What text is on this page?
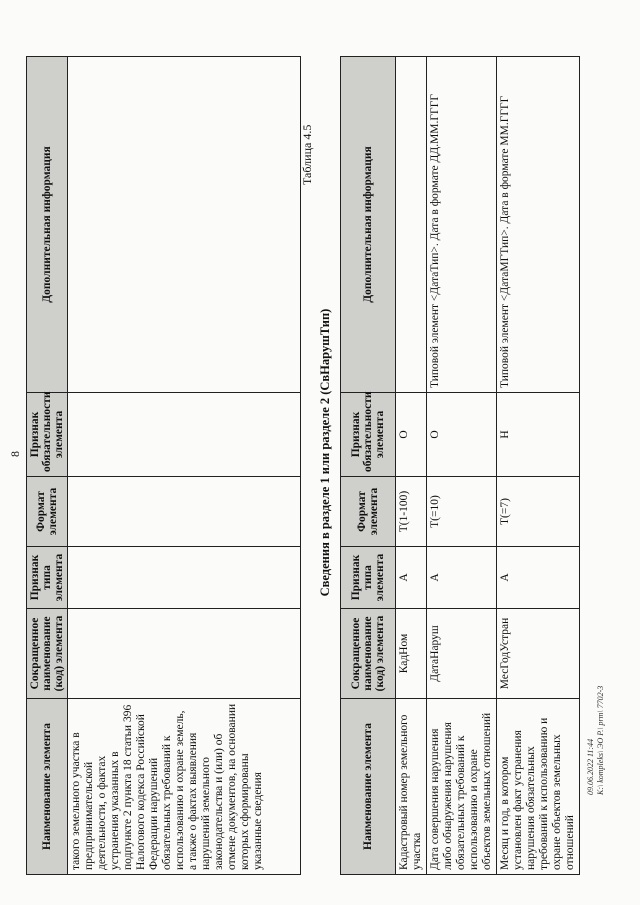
8
Наименование элемента	Сокращенное наименование (код) элемента	Признак типа элемента	Формат элемента	Признак обязательности элемента	Дополнительная информация
такого земельного участка в предпринимательской деятельности, о фактах устранения указанных в подпункте 2 пункта 18 статьи 396 Налогового кодекса Российской Федерации нарушений обязательных требований к использованию и охране земель, а также о фактах выявления нарушений земельного законодательства и (или) об отмене документов, на основании которых сформированы указанные сведения					
Таблица 4.5
Сведения в разделе 1 или разделе 2 (СвНарушТип)
Наименование элемента	Сокращенное наименование (код) элемента	Признак типа элемента	Формат элемента	Признак обязательности элемента	Дополнительная информация
Кадастровый номер земельного участка	КадНом	А	T(1-100)	О	
Дата совершения нарушения либо обнаружения нарушения обязательных требований к использованию и охране объектов земельных отношений	ДатаНаруш	А	T(=10)	О	Типовой элемент <ДатаТип>. Дата в формате ДД.ММ.ГГГГ
Месяц и год, в котором установлен факт устранения нарушения обязательных требований к использованию и охране объектов земельных отношений	МесГодУстран	А	T(=7)	Н	Типовой элемент <ДатаМГТип>. Дата в формате ММ.ГГГГ
09.06.2022 11:44 K:\ kompleks\ ЭО Р.\ prm\ 7702-3
